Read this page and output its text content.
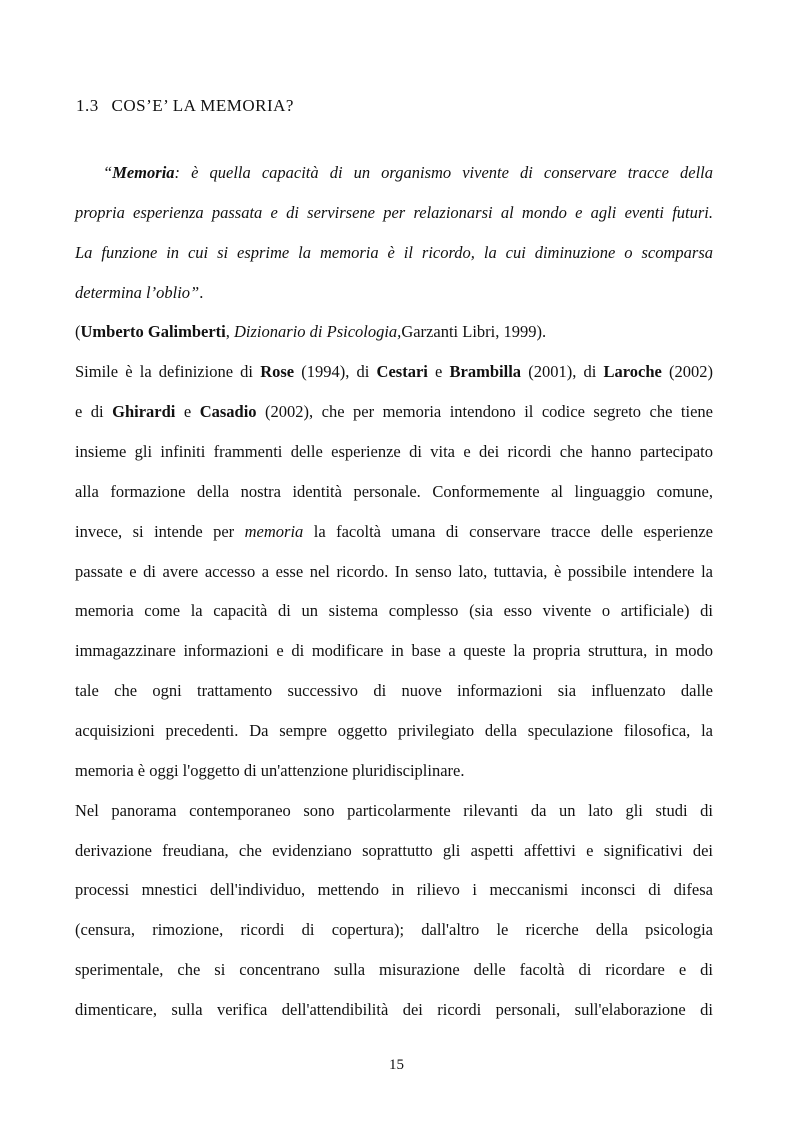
1.3 COS’E’ LA MEMORIA?
“Memoria: è quella capacità di un organismo vivente di conservare tracce della
propria esperienza passata e di servirsene per relazionarsi al mondo e agli eventi futuri.
La funzione in cui si esprime la memoria è il ricordo, la cui diminuzione o scomparsa
determina l’oblio”.
(Umberto Galimberti, Dizionario di Psicologia,Garzanti Libri, 1999).
Simile è la definizione di Rose (1994), di Cestari e Brambilla (2001), di Laroche (2002)
e di Ghirardi e Casadio (2002), che per memoria intendono il codice segreto che tiene
insieme gli infiniti frammenti delle esperienze di vita e dei ricordi che hanno partecipato
alla formazione della nostra identità personale. Conformemente al linguaggio comune,
invece, si intende per memoria la facoltà umana di conservare tracce delle esperienze
passate e di avere accesso a esse nel ricordo. In senso lato, tuttavia, è possibile intendere la
memoria come la capacità di un sistema complesso (sia esso vivente o artificiale) di
immagazzinare informazioni e di modificare in base a queste la propria struttura, in modo
tale che ogni trattamento successivo di nuove informazioni sia influenzato dalle
acquisizioni precedenti. Da sempre oggetto privilegiato della speculazione filosofica, la
memoria è oggi l'oggetto di un'attenzione pluridisciplinare.
Nel panorama contemporaneo sono particolarmente rilevanti da un lato gli studi di
derivazione freudiana, che evidenziano soprattutto gli aspetti affettivi e significativi dei
processi mnestici dell'individuo, mettendo in rilievo i meccanismi inconsci di difesa
(censura, rimozione, ricordi di copertura); dall'altro le ricerche della psicologia
sperimentale, che si concentrano sulla misurazione delle facoltà di ricordare e di
dimenticare, sulla verifica dell'attendibilità dei ricordi personali, sull'elaborazione di
15
